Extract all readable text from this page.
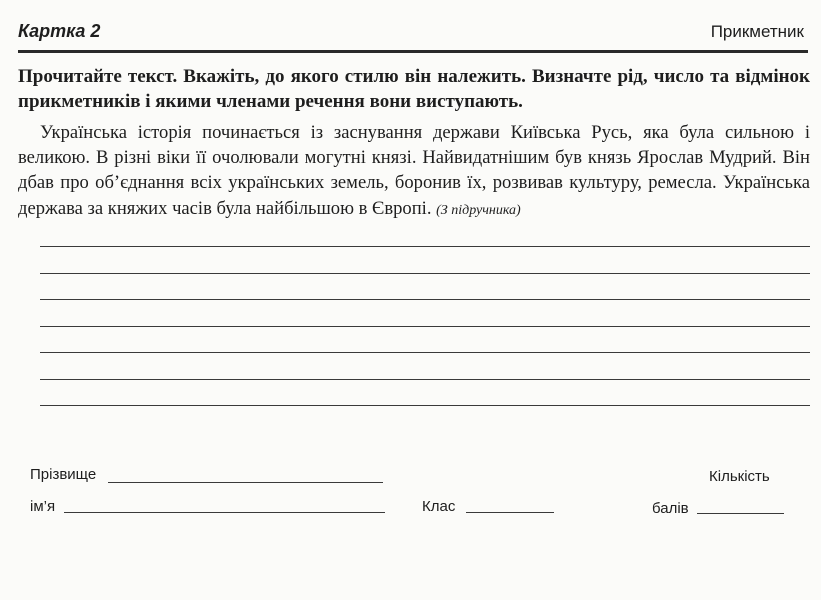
Картка 2	Прикметник
Прочитайте текст. Вкажіть, до якого стилю він належить. Визначте рід, число та відмінок прикметників і якими членами речення вони виступають.
Українська історія починається із заснування держави Київська Русь, яка була сильною і великою. В різні віки її очолювали могутні князі. Найвидатнішим був князь Ярослав Мудрий. Він дбав про об’єднання всіх українських земель, боронив їх, розвивав культуру, ремесла. Українська держава за княжих часів була найбільшою в Європі. (З підручника)
Прізвище
ім’я	Клас
Кількість
балів
